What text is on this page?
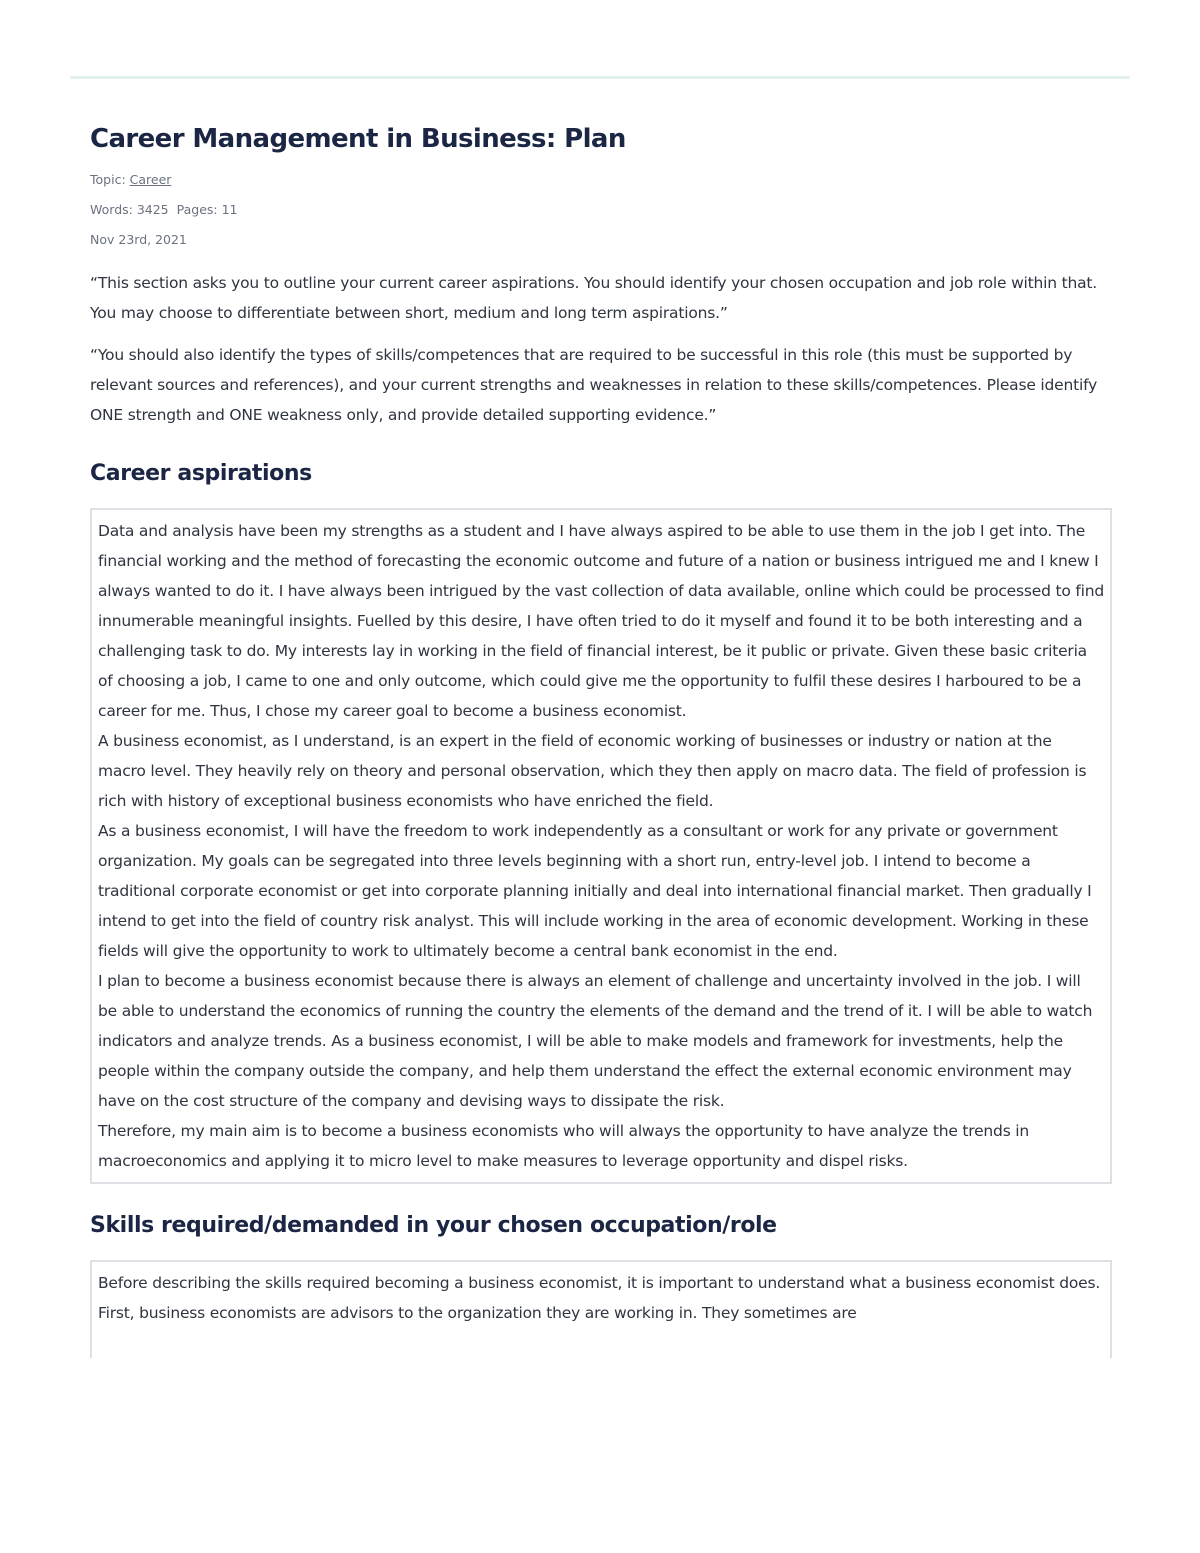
Career Management in Business: Plan
Topic: Career
Words: 3425 Pages: 11
Nov 23rd, 2021

“This section asks you to outline your current career aspirations. You should identify your chosen occupation and job role within that. You may choose to differentiate between short, medium and long term aspirations.”

“You should also identify the types of skills/competences that are required to be successful in this role (this must be supported by relevant sources and references), and your current strengths and weaknesses in relation to these skills/competences. Please identify ONE strength and ONE weakness only, and provide detailed supporting evidence.”

Career aspirations

Data and analysis have been my strengths as a student and I have always aspired to be able to use them in the job I get into. The financial working and the method of forecasting the economic outcome and future of a nation or business intrigued me and I knew I always wanted to do it. I have always been intrigued by the vast collection of data available, online which could be processed to find innumerable meaningful insights. Fuelled by this desire, I have often tried to do it myself and found it to be both interesting and a challenging task to do. My interests lay in working in the field of financial interest, be it public or private. Given these basic criteria of choosing a job, I came to one and only outcome, which could give me the opportunity to fulfil these desires I harboured to be a career for me. Thus, I chose my career goal to become a business economist.

A business economist, as I understand, is an expert in the field of economic working of businesses or industry or nation at the macro level. They heavily rely on theory and personal observation, which they then apply on macro data. The field of profession is rich with history of exceptional business economists who have enriched the field.

As a business economist, I will have the freedom to work independently as a consultant or work for any private or government organization. My goals can be segregated into three levels beginning with a short run, entry-level job. I intend to become a traditional corporate economist or get into corporate planning initially and deal into international financial market. Then gradually I intend to get into the field of country risk analyst. This will include working in the area of economic development. Working in these fields will give the opportunity to work to ultimately become a central bank economist in the end.

I plan to become a business economist because there is always an element of challenge and uncertainty involved in the job. I will be able to understand the economics of running the country the elements of the demand and the trend of it. I will be able to watch indicators and analyze trends. As a business economist, I will be able to make models and framework for investments, help the people within the company outside the company, and help them understand the effect the external economic environment may have on the cost structure of the company and devising ways to dissipate the risk.

Therefore, my main aim is to become a business economists who will always the opportunity to have analyze the trends in macroeconomics and applying it to micro level to make measures to leverage opportunity and dispel risks.

Skills required/demanded in your chosen occupation/role

Before describing the skills required becoming a business economist, it is important to understand what a business economist does. First, business economists are advisors to the organization they are working in. They sometimes are
